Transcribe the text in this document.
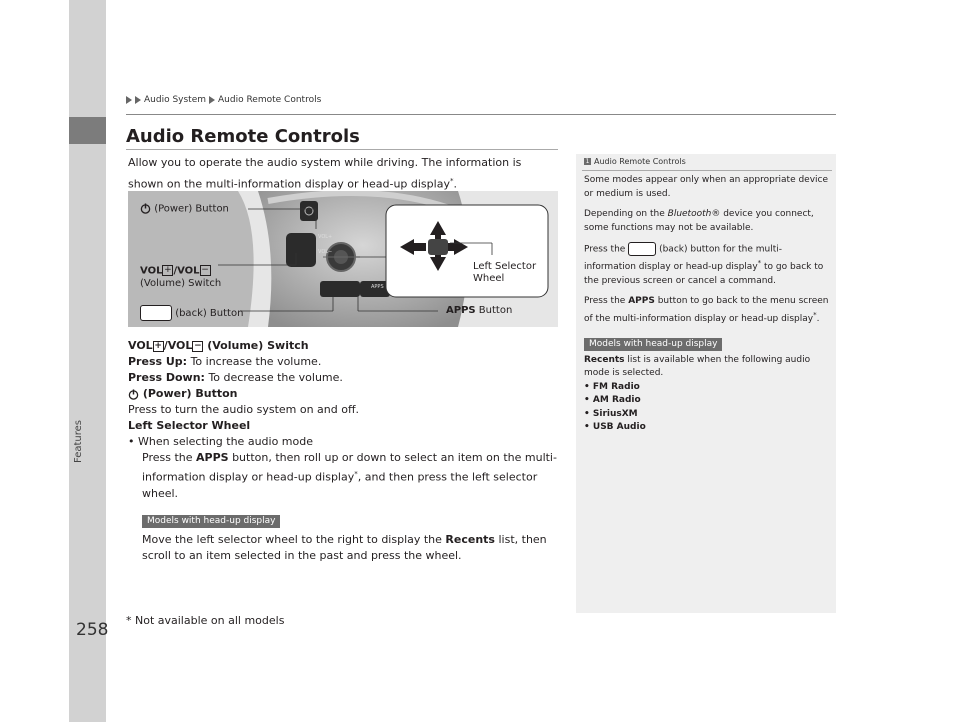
Features
258
Audio System Audio Remote Controls
Audio Remote Controls
Allow you to operate the audio system while driving. The information is shown on the multi-information display or head-up display*.
(Power) Button
VOL+
VOL−
APPS
VOL + /VOL −
(Volume) Switch
(back) Button	APPS Button
Left Selector
Wheel
VOL + /VOL − (Volume) Switch
Press Up: To increase the volume.
Press Down: To decrease the volume.
(Power) Button
Press to turn the audio system on and off.
Left Selector Wheel
• When selecting the audio mode
Press the APPS button, then roll up or down to select an item on the multi-information display or head-up display*, and then press the left selector wheel.
Models with head-up display
Move the left selector wheel to the right to display the Recents list, then scroll to an item selected in the past and press the wheel.
1 Audio Remote Controls

Some modes appear only when an appropriate device or medium is used.

Depending on the Bluetooth® device you connect, some functions may not be available.

Press the	(back) button for the multi-information display or head-up display* to go back to the previous screen or cancel a command.

Press the APPS button to go back to the menu screen of the multi-information display or head-up display*.

Models with head-up display

Recents list is available when the following audio mode is selected.

• FM Radio
• AM Radio
• SiriusXM
• USB Audio
* Not available on all models
